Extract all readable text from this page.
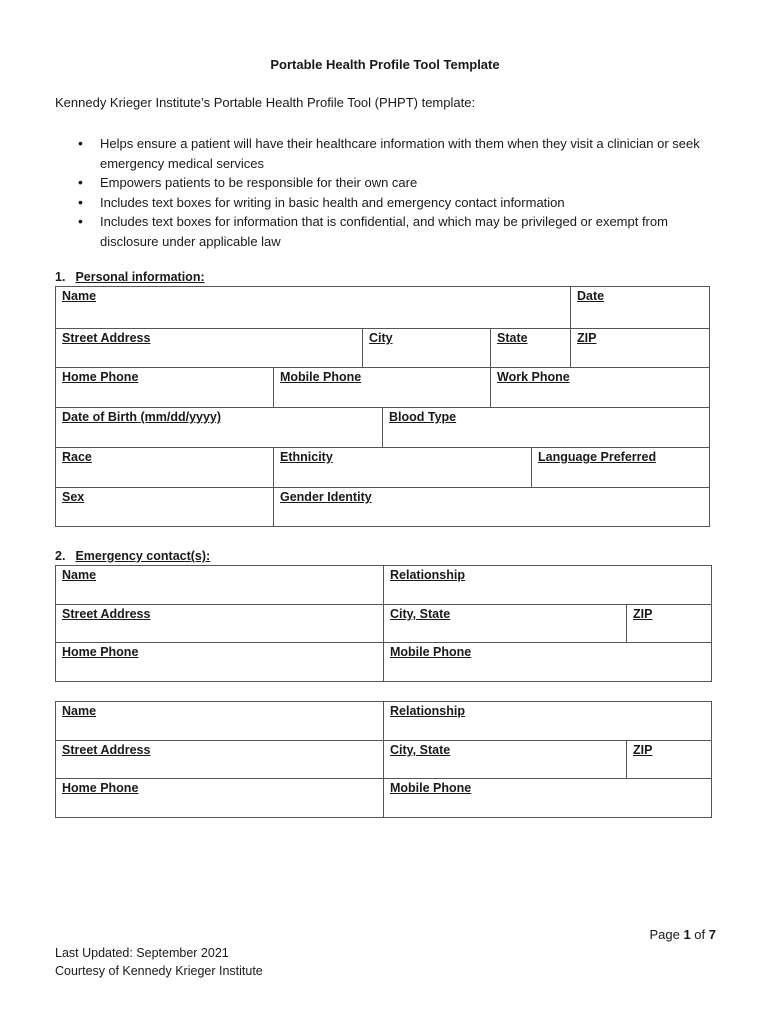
Portable Health Profile Tool Template
Kennedy Krieger Institute’s Portable Health Profile Tool (PHPT) template:
• Helps ensure a patient will have their healthcare information with them when they visit a clinician or seek emergency medical services
• Empowers patients to be responsible for their own care
• Includes text boxes for writing in basic health and emergency contact information
• Includes text boxes for information that is confidential, and which may be privileged or exempt from disclosure under applicable law
1. Personal information:
Name	Date
Street Address	City	State	ZIP
Home Phone	Mobile Phone	Work Phone
Date of Birth (mm/dd/yyyy)	Blood Type
Race	Ethnicity	Language Preferred
Sex	Gender Identity
2. Emergency contact(s):
Name	Relationship
Street Address	City, State	ZIP
Home Phone	Mobile Phone
Name	Relationship
Street Address	City, State	ZIP
Home Phone	Mobile Phone
Page 1 of 7
Last Updated: September 2021
Courtesy of Kennedy Krieger Institute
